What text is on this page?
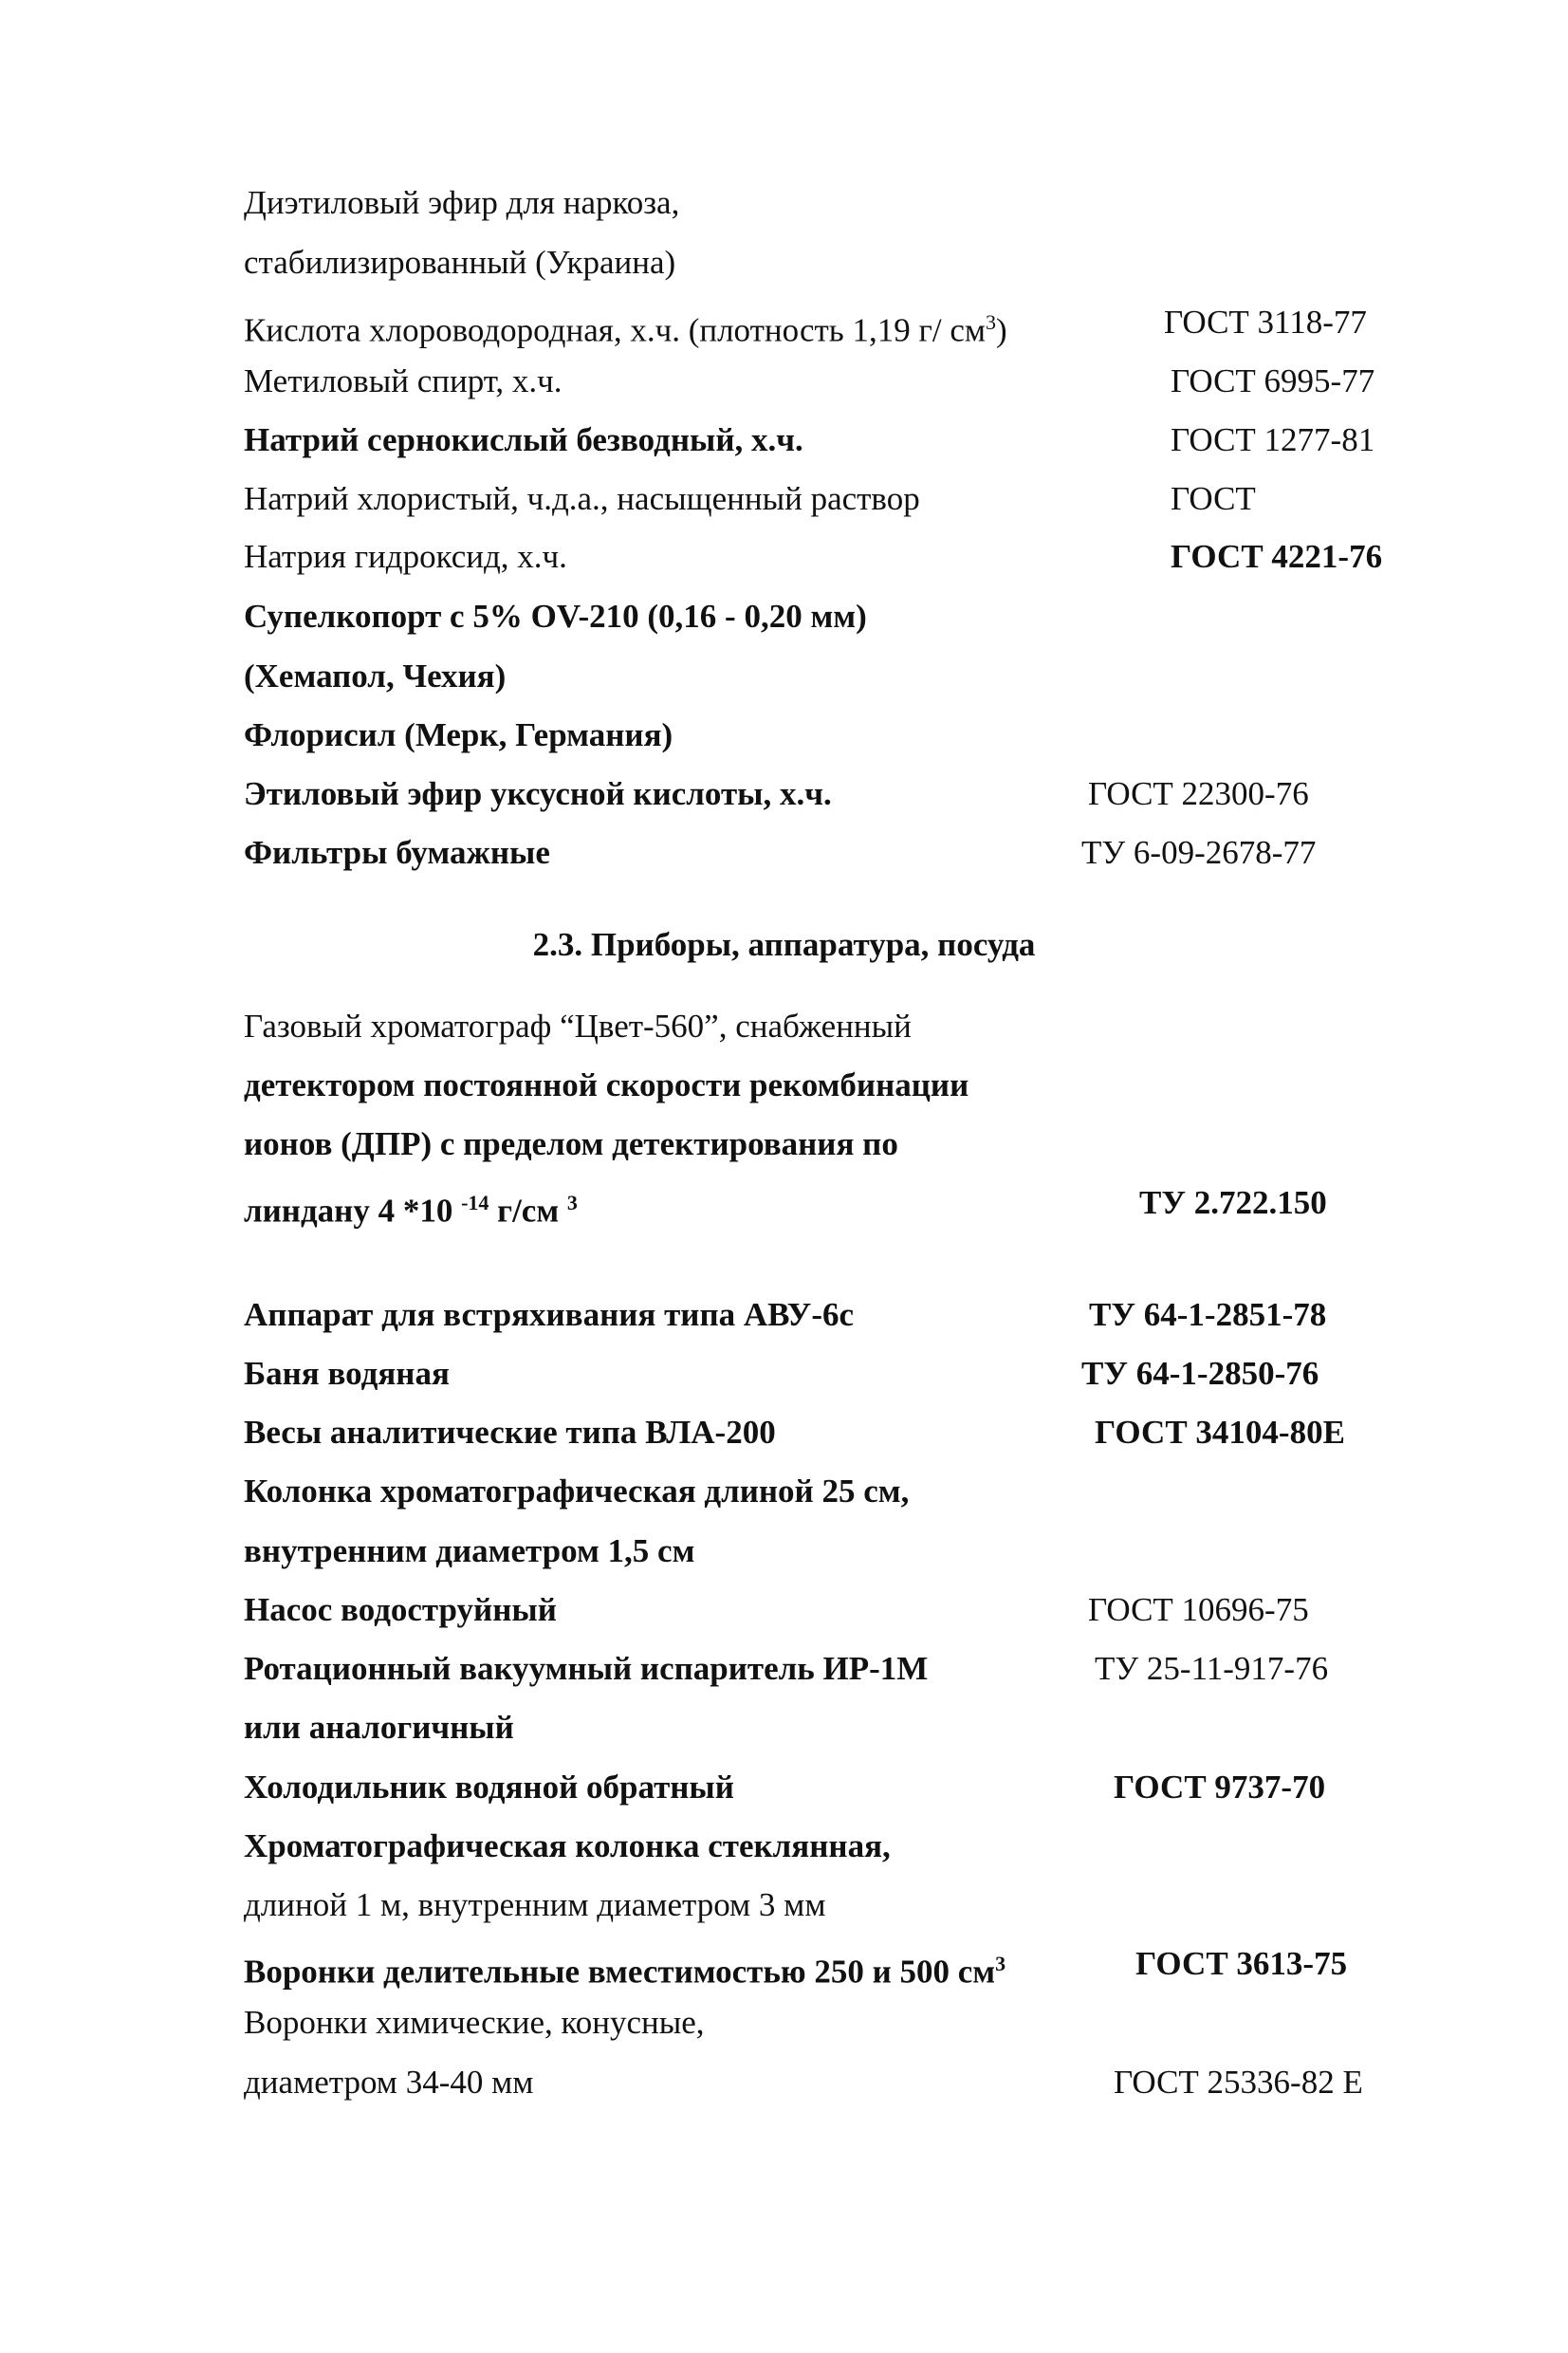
Диэтиловый эфир для наркоза,
стабилизированный (Украина)
Кислота хлороводородная, х.ч. (плотность 1,19 г/ $см^3$)	ГОСТ 3118-77
Метиловый спирт, х.ч.	ГОСТ 6995-77
Натрий сернокислый безводный, х.ч.	ГОСТ 1277-81
Натрий хлористый, ч.д.а., насыщенный раствор	ГОСТ
Натрия гидроксид, х.ч.	ГОСТ 4221-76
Супелкопорт с 5% OV-210 (0,16 - 0,20 мм)
(Хемапол, Чехия)
Флорисил (Мерк, Германия)
Этиловый эфир уксусной кислоты, х.ч.	ГОСТ 22300-76
Фильтры бумажные	ТУ 6-09-2678-77
2.3. Приборы, аппаратура, посуда
Газовый хроматограф “Цвет-560”, снабженный
детектором постоянной скорости рекомбинации
ионов (ДПР) с пределом детектирования по
линдану 4 *10 $^{-14}$ г/см $^3$	ТУ 2.722.150
Аппарат для встряхивания типа АВУ-6с	ТУ 64-1-2851-78
Баня водяная	ТУ 64-1-2850-76
Весы аналитические типа ВЛА-200	ГОСТ 34104-80Е
Колонка хроматографическая длиной 25 см,
внутренним диаметром 1,5 см
Насос водоструйный	ГОСТ 10696-75
Ротационный вакуумный испаритель ИР-1М	ТУ 25-11-917-76
или аналогичный
Холодильник водяной обратный	ГОСТ 9737-70
Хроматографическая колонка стеклянная,
длиной 1 м, внутренним диаметром 3 мм
Воронки делительные вместимостью 250 и 500 $см^3$	ГОСТ 3613-75
Воронки химические, конусные,
диаметром 34-40 мм	ГОСТ 25336-82 Е
